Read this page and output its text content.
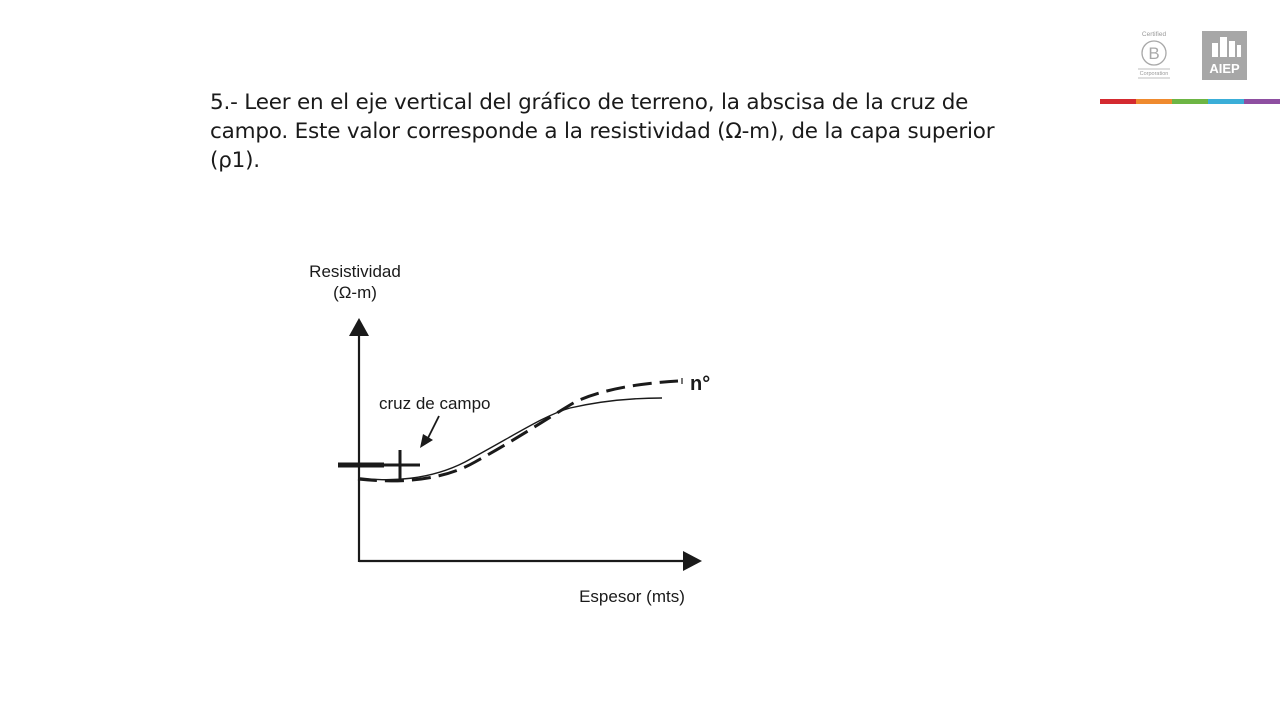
5.- Leer en el eje vertical del gráfico de terreno, la abscisa de la cruz de
campo. Este valor corresponde a la resistividad (Ω-m), de la capa superior
(ρ1).
Certified
B
Corporation	AIEP
Resistividad
(Ω-m)
Espesor (mts)
cruz de campo
n°
